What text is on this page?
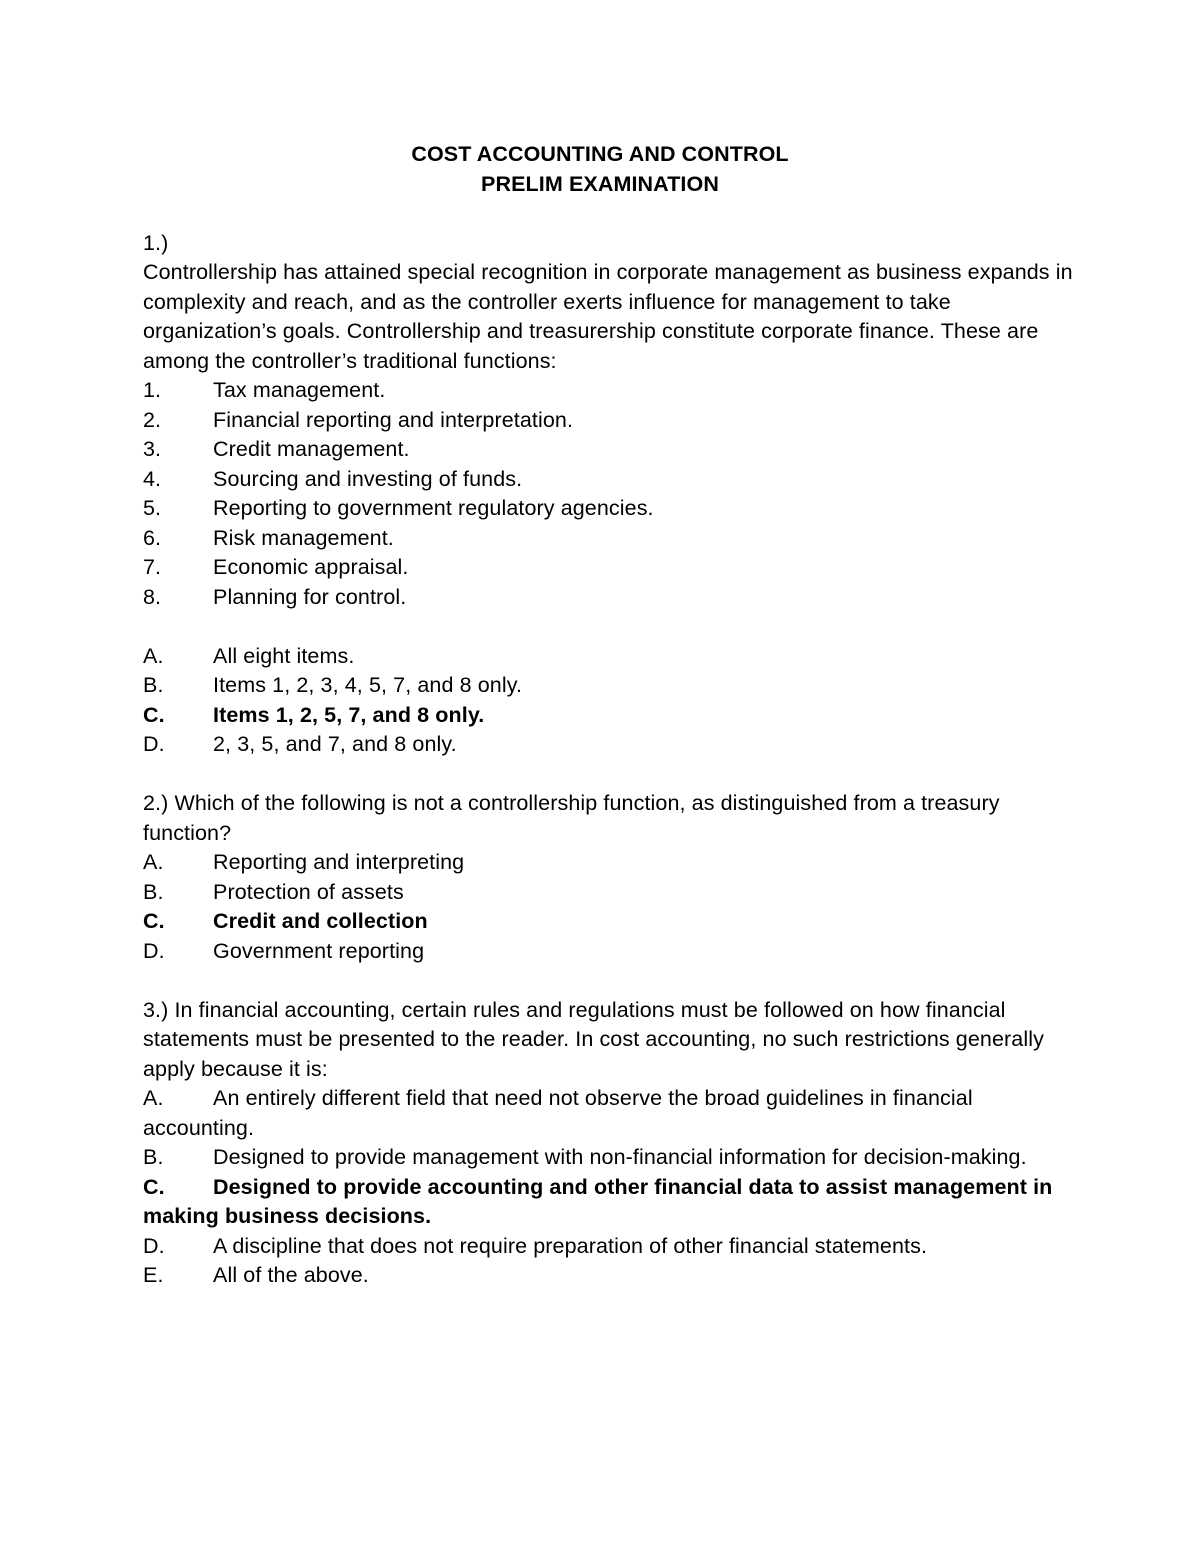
COST ACCOUNTING AND CONTROL
PRELIM EXAMINATION
1.)
Controllership has attained special recognition in corporate management as business expands in complexity and reach, and as the controller exerts influence for management to take organization’s goals. Controllership and treasurership constitute corporate finance. These are among the controller’s traditional functions:
1.	Tax management.
2.	Financial reporting and interpretation.
3.	Credit management.
4.	Sourcing and investing of funds.
5.	Reporting to government regulatory agencies.
6.	Risk management.
7.	Economic appraisal.
8.	Planning for control.
A.	All eight items.
B.	Items 1, 2, 3, 4, 5, 7, and 8 only.
C.	Items 1, 2, 5, 7, and 8 only.
D.	2, 3, 5, and 7, and 8 only.
2.) Which of the following is not a controllership function, as distinguished from a treasury function?
A.	Reporting and interpreting
B.	Protection of assets
C.	Credit and collection
D.	Government reporting
3.) In financial accounting, certain rules and regulations must be followed on how financial statements must be presented to the reader. In cost accounting, no such restrictions generally apply because it is:
A. An entirely different field that need not observe the broad guidelines in financial accounting.
B. Designed to provide management with non-financial information for decision-making.
C. Designed to provide accounting and other financial data to assist management in making business decisions.
D. A discipline that does not require preparation of other financial statements.
E. All of the above.
